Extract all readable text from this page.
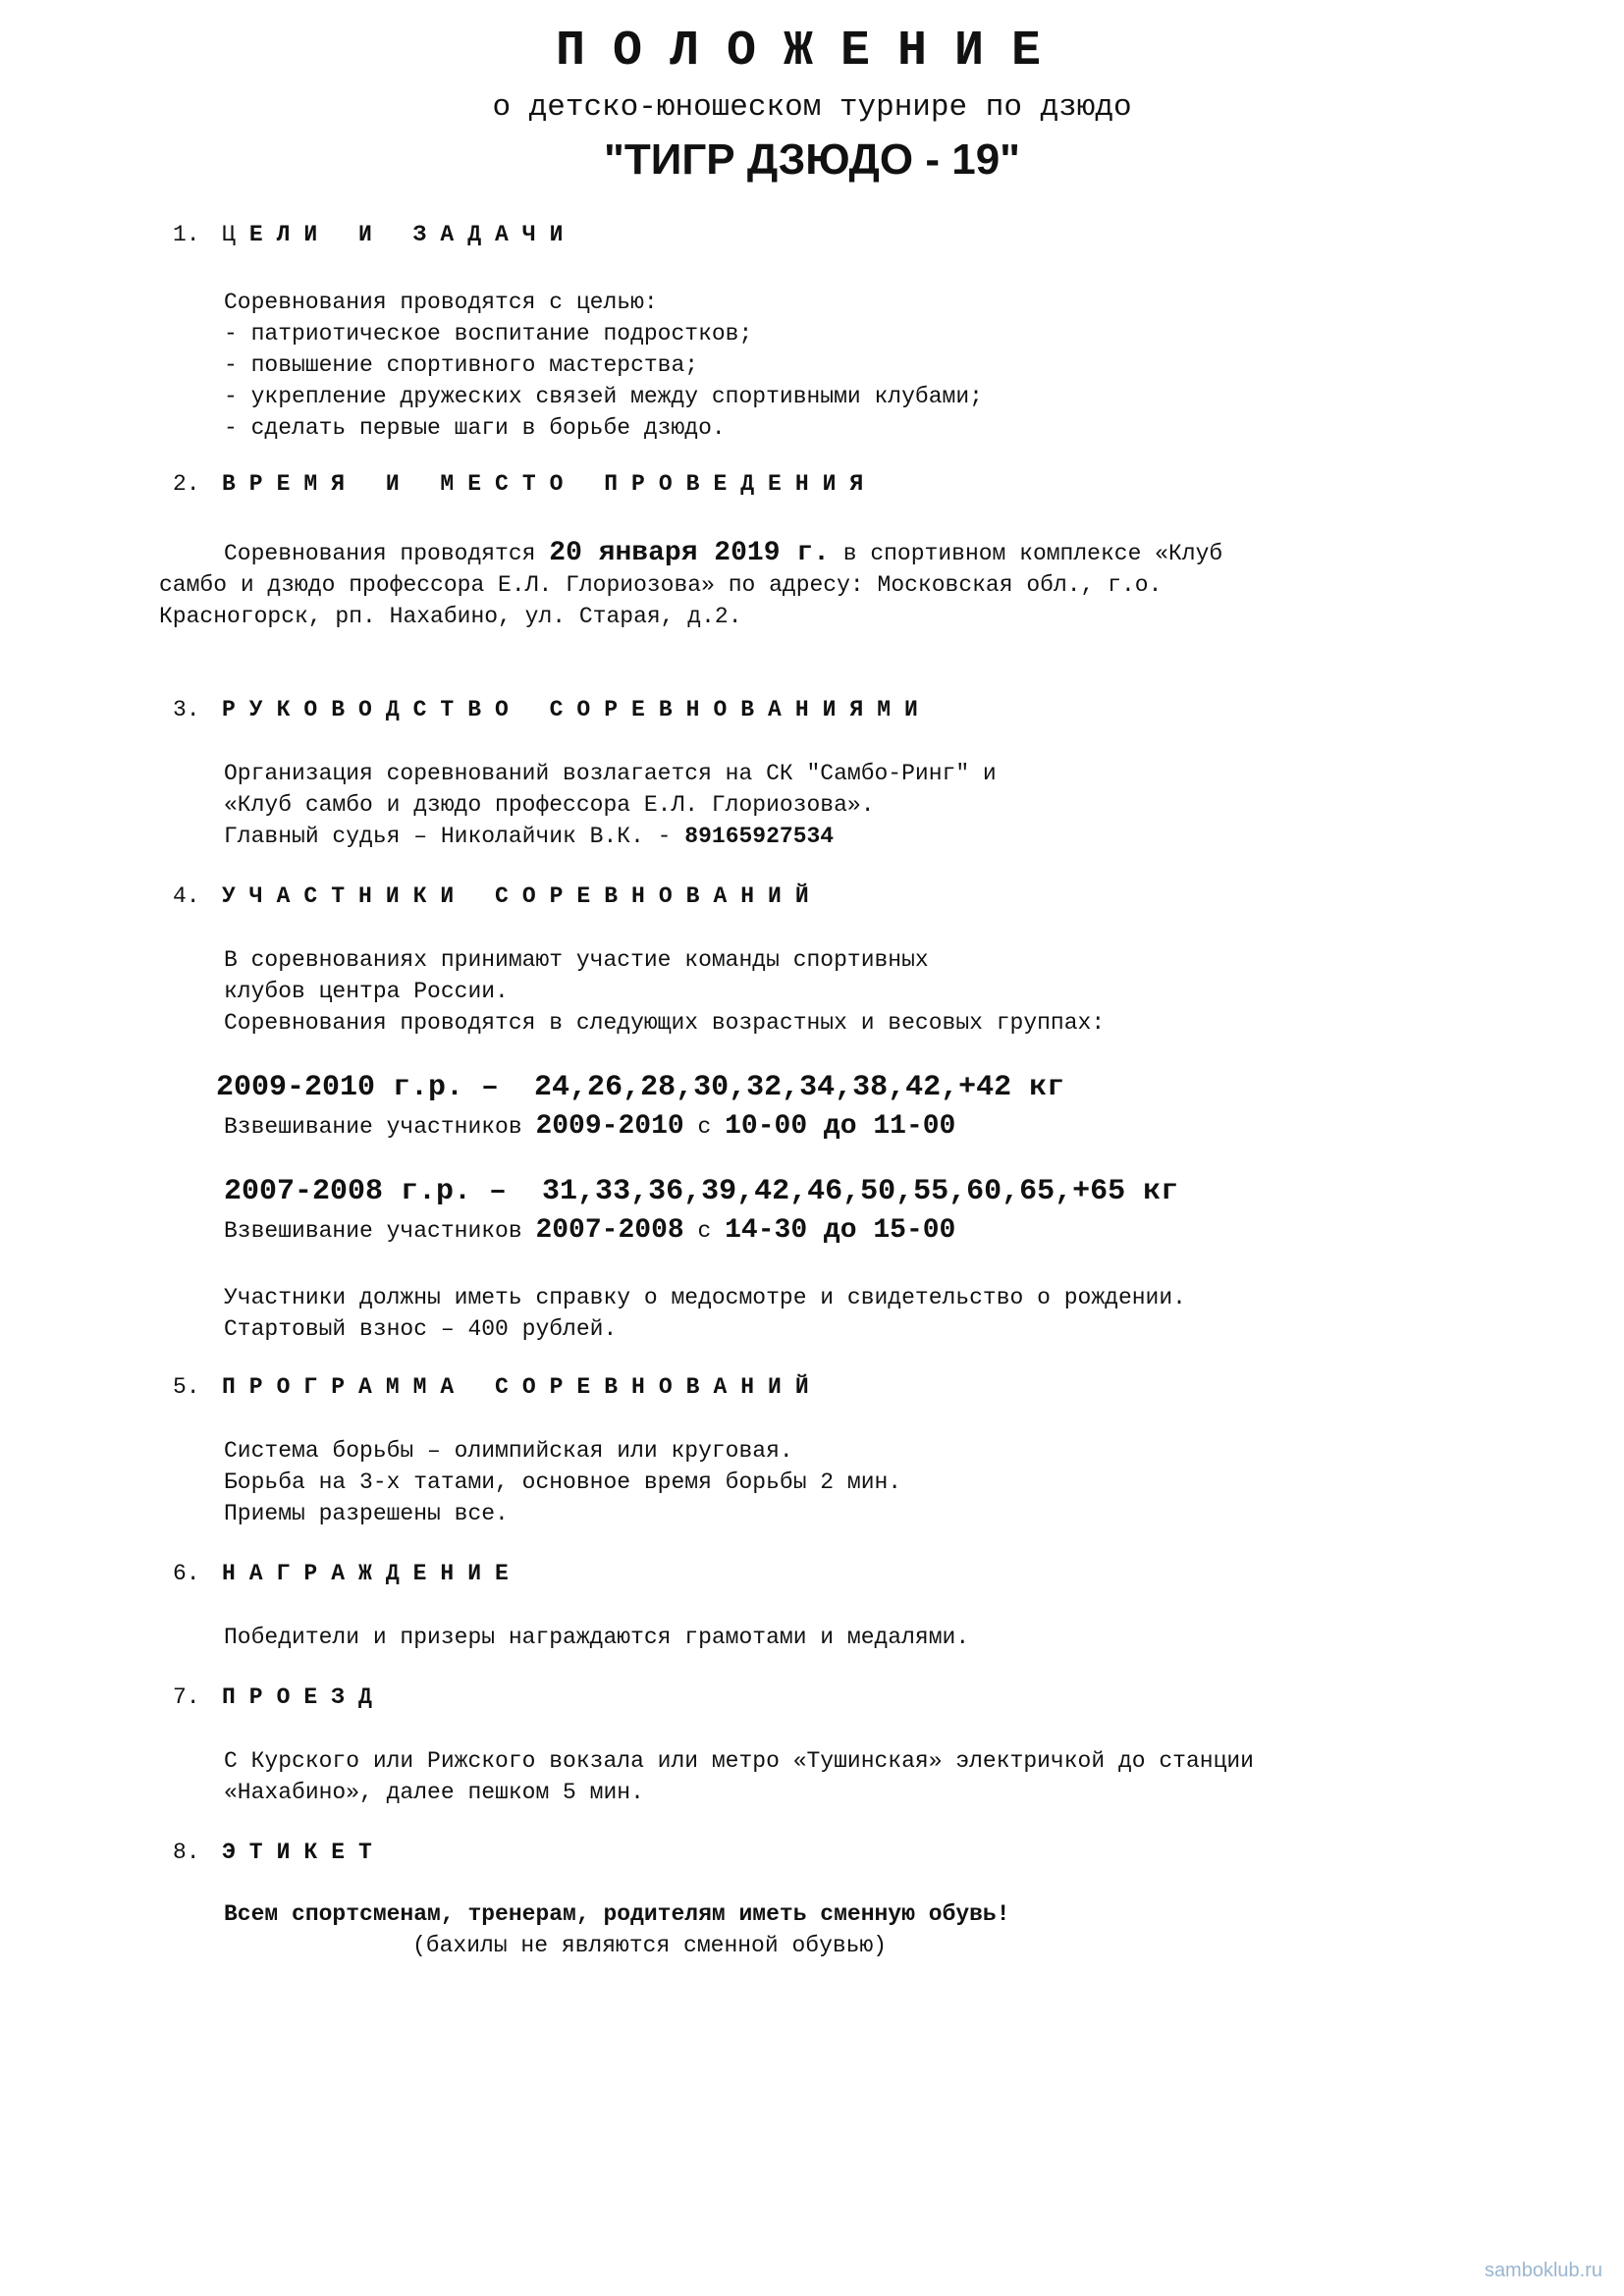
ПОЛОЖЕНИЕ
о детско-юношеском турнире по дзюдо
"ТИГР ДЗЮДО - 19"
1. ЦЕЛИ И ЗАДАЧИ
Соревнования проводятся с целью:
- патриотическое воспитание подростков;
- повышение спортивного мастерства;
- укрепление дружеских связей между спортивными клубами;
- сделать первые шаги в борьбе дзюдо.
2. ВРЕМЯ И МЕСТО ПРОВЕДЕНИЯ
Соревнования проводятся 20 января 2019 г. в спортивном комплексе «Клуб
самбо и дзюдо профессора Е.Л. Глориозова» по адресу: Московская обл., г.о.
Красногорск, рп. Нахабино, ул. Старая, д.2.
3. РУКОВОДСТВО СОРЕВНОВАНИЯМИ
Организация соревнований возлагается на СК "Самбо-Ринг" и
«Клуб самбо и дзюдо профессора Е.Л. Глориозова».
Главный судья – Николайчик В.К. - 89165927534
4. УЧАСТНИКИ СОРЕВНОВАНИЙ
В соревнованиях принимают участие команды спортивных
клубов центра России.
Соревнования проводятся в следующих возрастных и весовых группах:
2009-2010 г.р. –  24,26,28,30,32,34,38,42,+42 кг
Взвешивание участников 2009-2010 с 10-00 до 11-00
2007-2008 г.р. –  31,33,36,39,42,46,50,55,60,65,+65 кг
Взвешивание участников 2007-2008 с 14-30 до 15-00
Участники должны иметь справку о медосмотре и свидетельство о рождении.
Стартовый взнос – 400 рублей.
5. ПРОГРАММА СОРЕВНОВАНИЙ
Система борьбы – олимпийская или круговая.
Борьба на 3-х татами, основное время борьбы 2 мин.
Приемы разрешены все.
6. НАГРАЖДЕНИЕ
Победители и призеры награждаются грамотами и медалями.
7. ПРОЕЗД
С Курского или Рижского вокзала или метро «Тушинская» электричкой до станции
«Нахабино», далее пешком 5 мин.
8. ЭТИКЕТ
Всем спортсменам, тренерам, родителям иметь сменную обувь!
(бахилы не являются сменной обувью)
samboklub.ru
